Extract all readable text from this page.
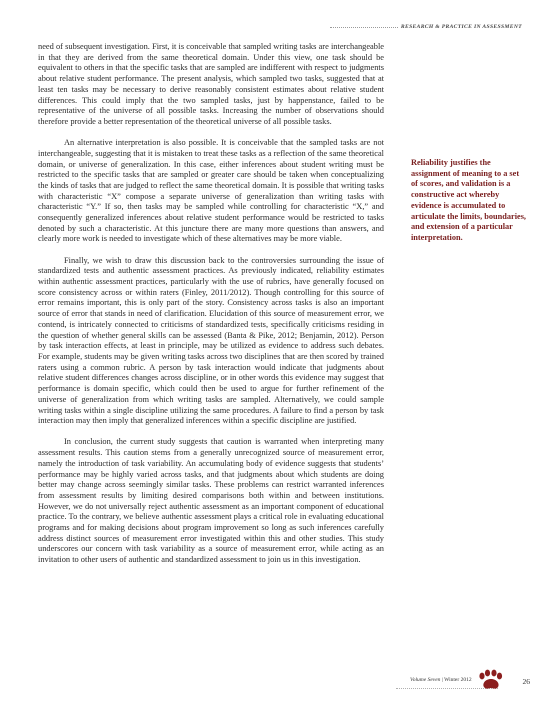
RESEARCH & PRACTICE IN ASSESSMENT

need of subsequent investigation. First, it is conceivable that sampled writing tasks are interchangeable in that they are derived from the same theoretical domain. Under this view, one task should be equivalent to others in that the specific tasks that are sampled are indifferent with respect to judgments about relative student performance. The present analysis, which sampled two tasks, suggested that at least ten tasks may be necessary to derive reasonably consistent estimates about relative student differences. This could imply that the two sampled tasks, just by happenstance, failed to be representative of the universe of all possible tasks. Increasing the number of observations should therefore provide a better representation of the theoretical universe of all possible tasks.

An alternative interpretation is also possible. It is conceivable that the sampled tasks are not interchangeable, suggesting that it is mistaken to treat these tasks as a reflection of the same theoretical domain, or universe of generalization. In this case, either inferences about student writing must be restricted to the specific tasks that are sampled or greater care should be taken when conceptualizing the kinds of tasks that are judged to reflect the same theoretical domain. It is possible that writing tasks with characteristic “X” compose a separate universe of generalization than writing tasks with characteristic “Y.” If so, then tasks may be sampled while controlling for characteristic “X,” and consequently generalized inferences about relative student performance would be restricted to tasks denoted by such a characteristic. At this juncture there are many more questions than answers, and clearly more work is needed to investigate which of these alternatives may be more viable.

Finally, we wish to draw this discussion back to the controversies surrounding the issue of standardized tests and authentic assessment practices. As previously indicated, reliability estimates within authentic assessment practices, particularly with the use of rubrics, have generally focused on score consistency across or within raters (Finley, 2011/2012). Though controlling for this source of error remains important, this is only part of the story. Consistency across tasks is also an important source of error that stands in need of clarification. Elucidation of this source of measurement error, we contend, is intricately connected to criticisms of standardized tests, specifically criticisms residing in the question of whether general skills can be assessed (Banta & Pike, 2012; Benjamin, 2012). Person by task interaction effects, at least in principle, may be utilized as evidence to address such debates. For example, students may be given writing tasks across two disciplines that are then scored by trained raters using a common rubric. A person by task interaction would indicate that judgments about relative student differences changes across discipline, or in other words this evidence may suggest that performance is domain specific, which could then be used to argue for further refinement of the universe of generalization from which writing tasks are sampled. Alternatively, we could sample writing tasks within a single discipline utilizing the same procedures. A failure to find a person by task interaction may then imply that generalized inferences within a specific discipline are justified.

In conclusion, the current study suggests that caution is warranted when interpreting many assessment results. This caution stems from a generally unrecognized source of measurement error, namely the introduction of task variability. An accumulating body of evidence suggests that students’ performance may be highly varied across tasks, and that judgments about which students are doing better may change across seemingly similar tasks. These problems can restrict warranted inferences from assessment results by limiting desired comparisons both within and between institutions. However, we do not universally reject authentic assessment as an important component of educational practice. To the contrary, we believe authentic assessment plays a critical role in evaluating educational programs and for making decisions about program improvement so long as such inferences carefully address distinct sources of measurement error investigated within this and other studies. This study underscores our concern with task variability as a source of measurement error, while acting as an invitation to other users of authentic and standardized assessment to join us in this investigation.

Reliability justifies the assignment of meaning to a set of scores, and validation is a constructive act whereby evidence is accumulated to articulate the limits, boundaries, and extension of a particular interpretation.
Volume Seven | Winter 2012	26
